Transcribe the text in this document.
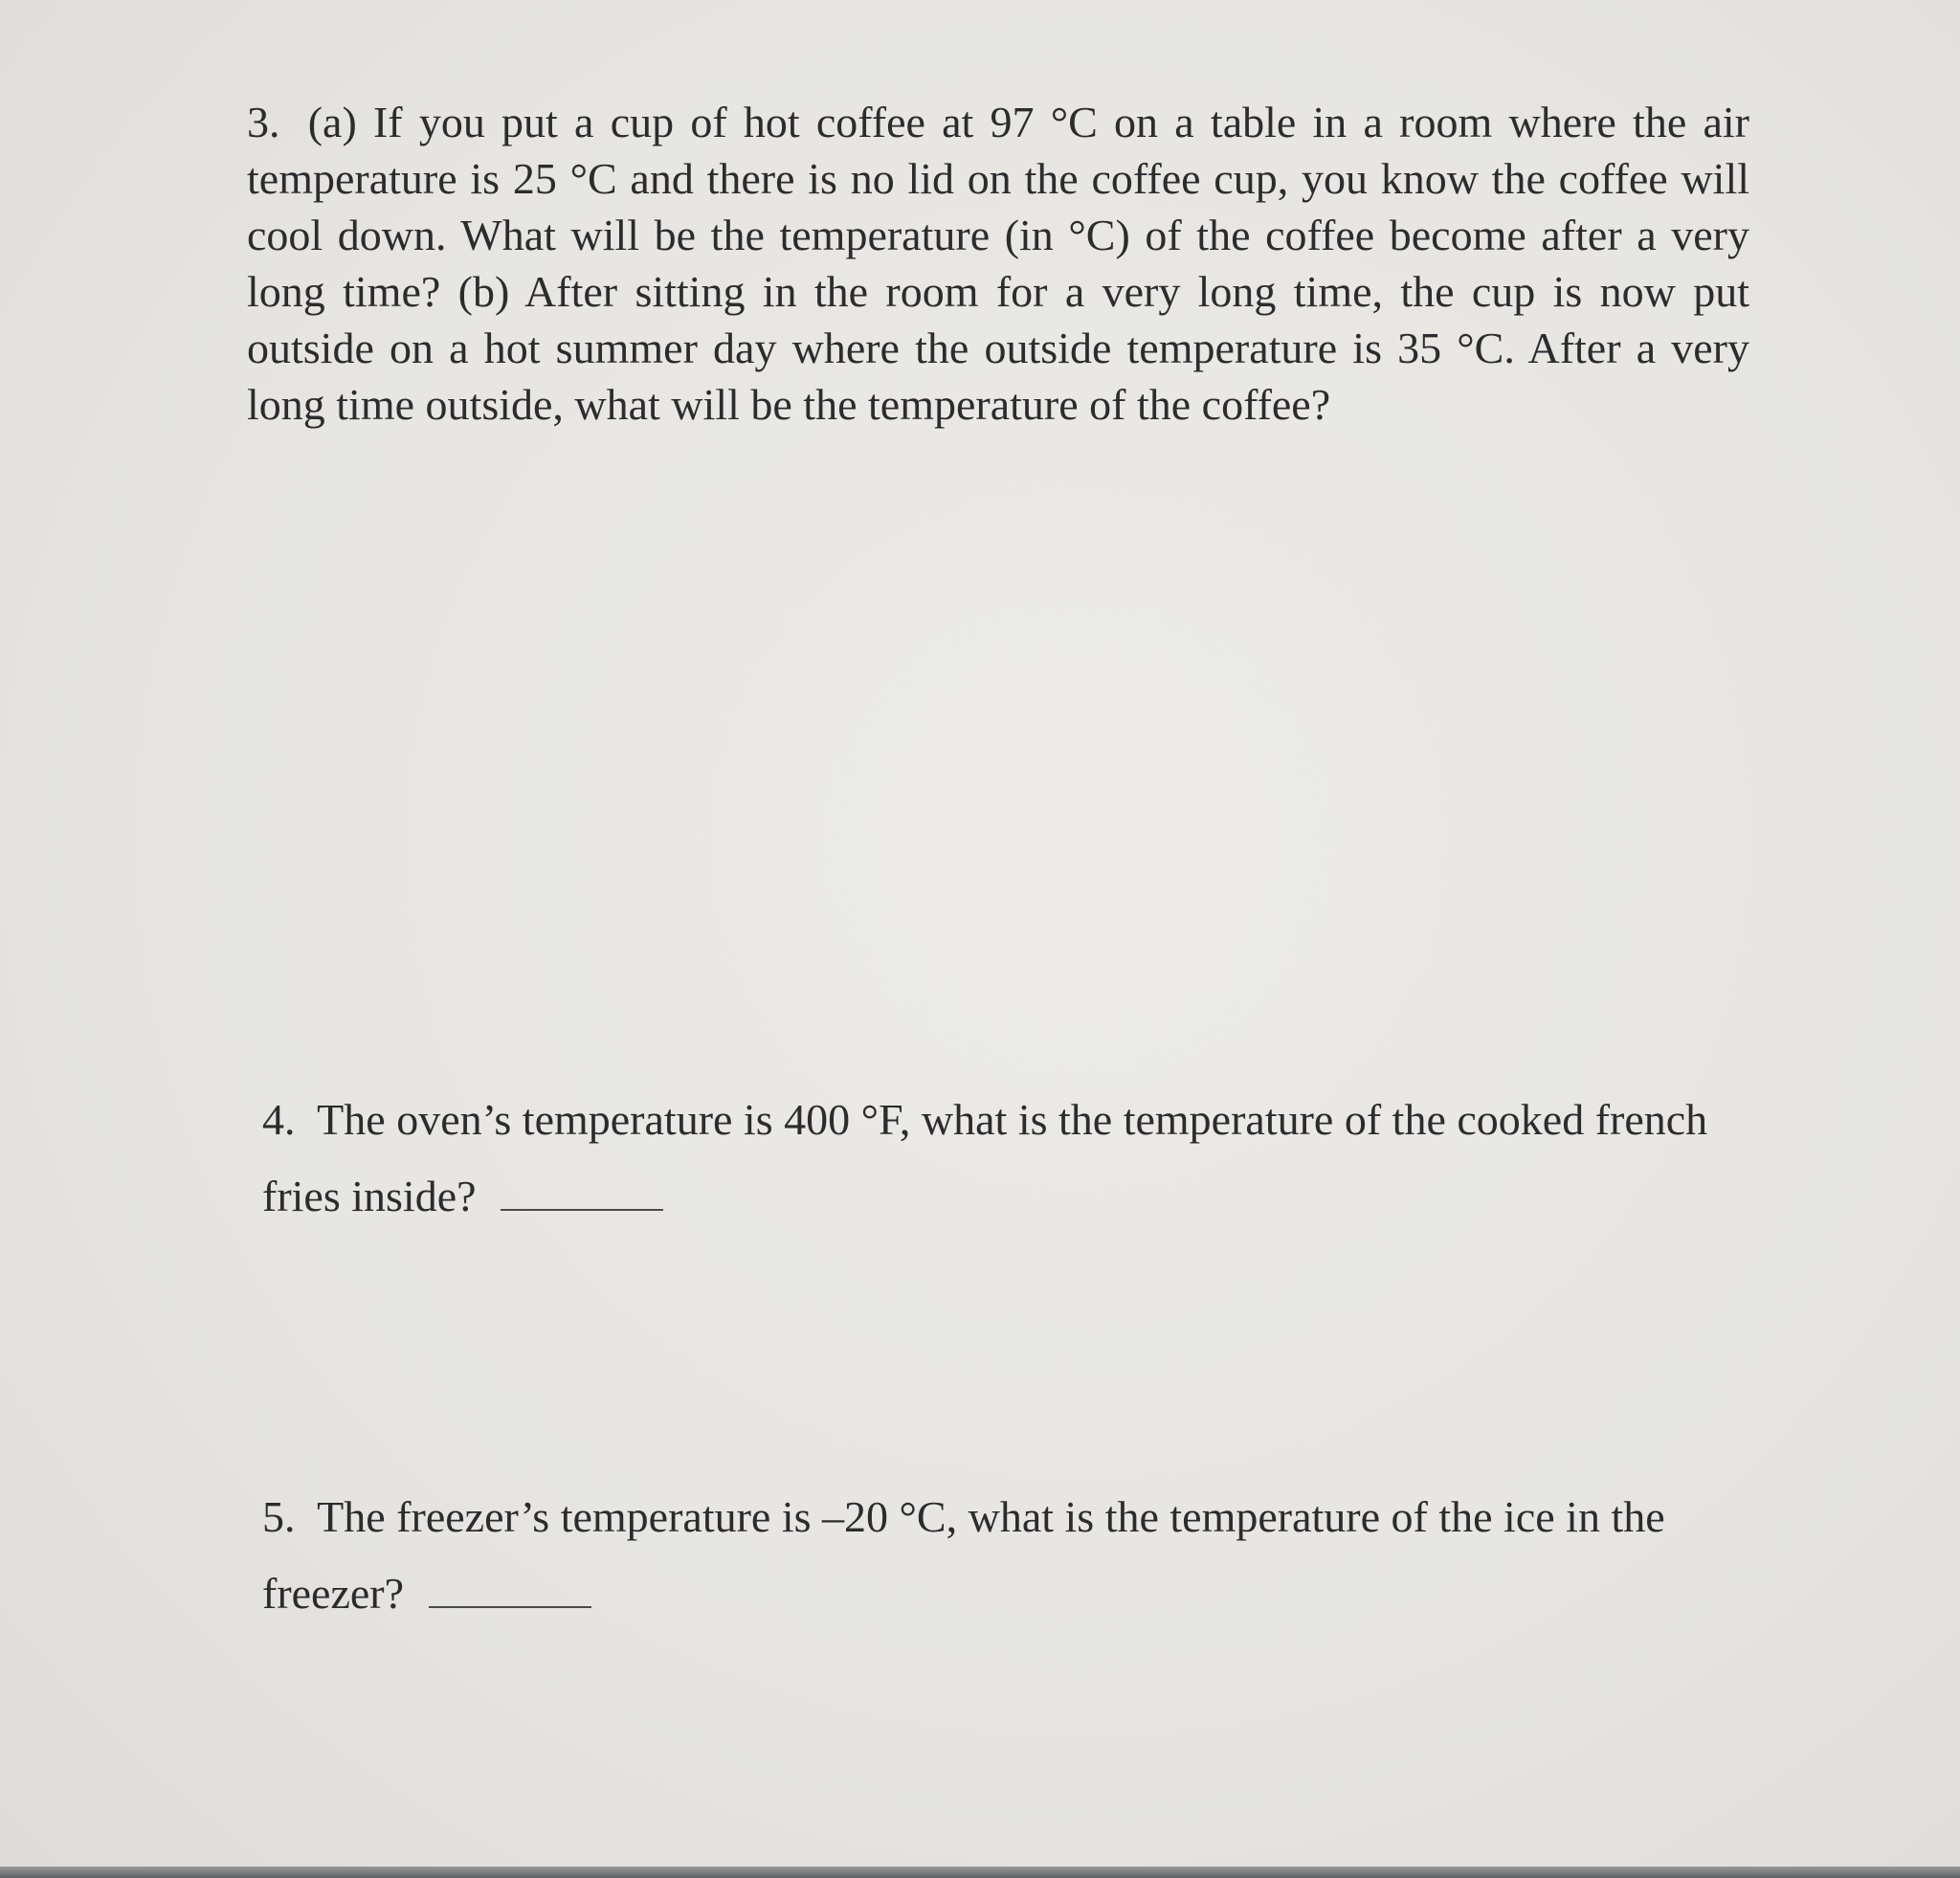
3. (a) If you put a cup of hot coffee at 97 °C on a table in a room where the air temperature is 25 °C and there is no lid on the coffee cup, you know the coffee will cool down. What will be the temperature (in °C) of the coffee become after a very long time? (b) After sitting in the room for a very long time, the cup is now put outside on a hot summer day where the outside temperature is 35 °C. After a very long time outside, what will be the temperature of the coffee?
4. The oven’s temperature is 400 °F, what is the temperature of the cooked french fries inside?
5. The freezer’s temperature is –20 °C, what is the temperature of the ice in the freezer?
